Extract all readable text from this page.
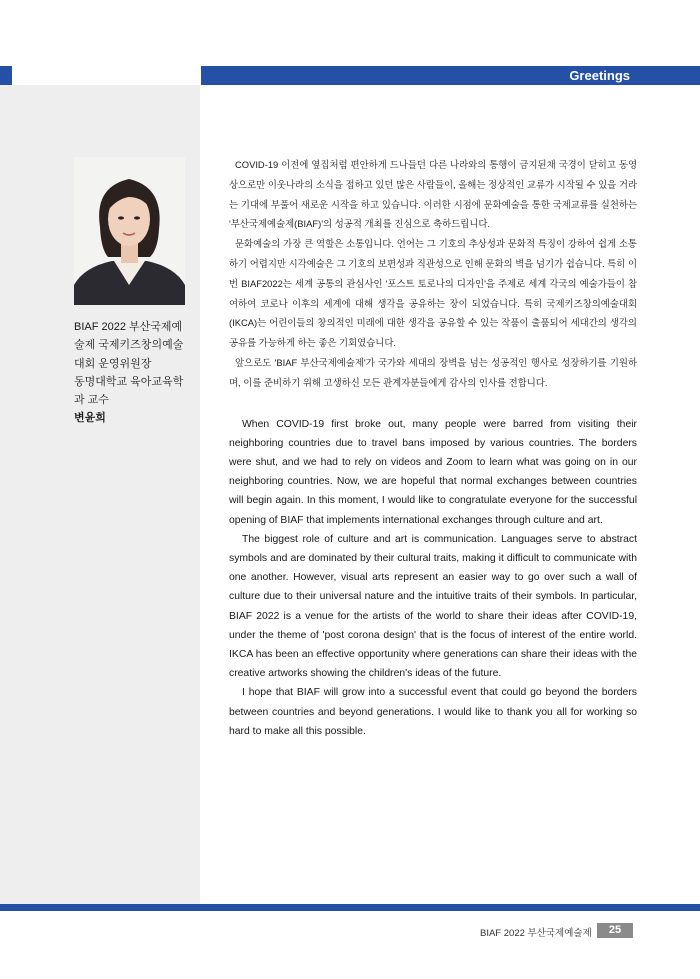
Greetings
BIAF 2022 부산국제예
술제 국제키즈창의예술
대회 운영위원장
동명대학교 육아교육학
과 교수
변윤희

COVID-19 이전에 옆집처럼 편안하게 드나들던 다른 나라와의 통행이 금지된채 국경이 닫히고 동영상으로만 이웃나라의 소식을 접하고 있던 많은 사람들이, 올해는 정상적인 교류가 시작될 수 있을 거라는 기대에 부풀어 새로운 시작을 하고 있습니다. 이러한 시점에 문화예술을 통한 국제교류를 실천하는 '부산국제예술제(BIAF)'의 성공적 개최를 진심으로 축하드립니다.

문화예술의 가장 큰 역할은 소통입니다. 언어는 그 기호의 추상성과 문화적 특징이 강하여 쉽게 소통하기 어렵지만 시각예술은 그 기호의 보편성과 직관성으로 인해 문화의 벽을 넘기가 쉽습니다. 특히 이번 BIAF2022는 세계 공통의 관심사인 '포스트 토로나의 디자인'을 주제로 세계 각국의 예술가들이 참여하여 코로나 이후의 세계에 대해 생각을 공유하는 장이 되었습니다. 특히 국제키즈창의예술대회(IKCA)는 어린이들의 창의적인 미래에 대한 생각을 공유할 수 있는 작품이 출품되어 세대간의 생각의 공유를 가능하게 하는 좋은 기회였습니다.

앞으로도 'BIAF 부산국제예술제'가 국가와 세대의 장벽을 넘는 성공적인 행사로 성장하기를 기원하며, 이를 준비하기 위해 고생하신 모든 관계자분들에게 감사의 인사를 전합니다.

When COVID-19 first broke out, many people were barred from visiting their neighboring countries due to travel bans imposed by various countries. The borders were shut, and we had to rely on videos and Zoom to learn what was going on in our neighboring countries. Now, we are hopeful that normal exchanges between countries will begin again. In this moment, I would like to congratulate everyone for the successful opening of BIAF that implements international exchanges through culture and art.

The biggest role of culture and art is communication. Languages serve to abstract symbols and are dominated by their cultural traits, making it difficult to communicate with one another. However, visual arts represent an easier way to go over such a wall of culture due to their universal nature and the intuitive traits of their symbols. In particular, BIAF 2022 is a venue for the artists of the world to share their ideas after COVID-19, under the theme of 'post corona design' that is the focus of interest of the entire world. IKCA has been an effective opportunity where generations can share their ideas with the creative artworks showing the children's ideas of the future.

I hope that BIAF will grow into a successful event that could go beyond the borders between countries and beyond generations. I would like to thank you all for working so hard to make all this possible.

BIAF 2022 부산국제예술제	25
